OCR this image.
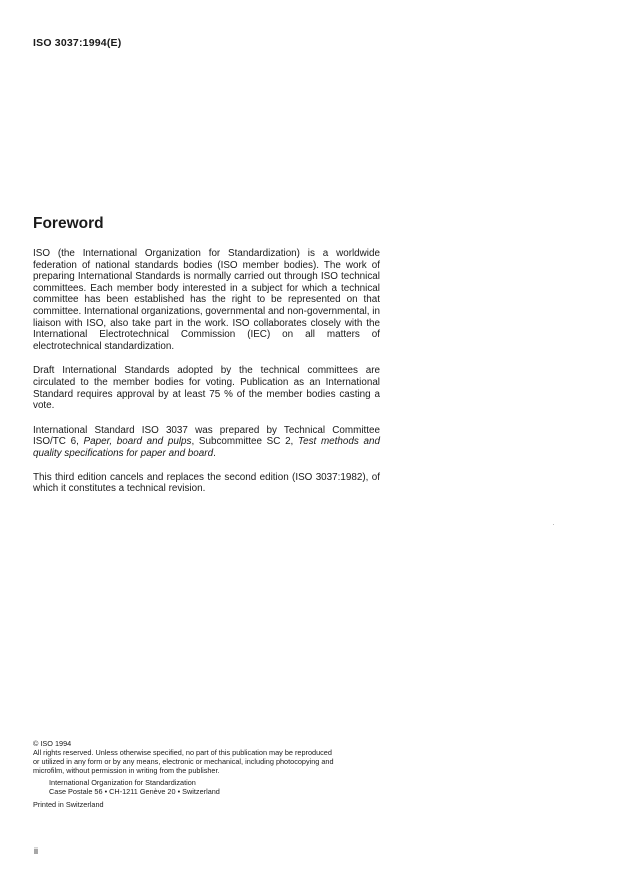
ISO 3037:1994(E)
Foreword

ISO (the International Organization for Standardization) is a worldwide federation of national standards bodies (ISO member bodies). The work of preparing International Standards is normally carried out through ISO technical committees. Each member body interested in a subject for which a technical committee has been established has the right to be represented on that committee. International organizations, governmental and non-governmental, in liaison with ISO, also take part in the work. ISO collaborates closely with the International Electrotechnical Commission (IEC) on all matters of electrotechnical standardization.

Draft International Standards adopted by the technical committees are circulated to the member bodies for voting. Publication as an International Standard requires approval by at least 75 % of the member bodies casting a vote.

International Standard ISO 3037 was prepared by Technical Committee ISO/TC 6, Paper, board and pulps, Subcommittee SC 2, Test methods and quality specifications for paper and board.

This third edition cancels and replaces the second edition (ISO 3037:1982), of which it constitutes a technical revision.

© ISO 1994
All rights reserved. Unless otherwise specified, no part of this publication may be reproduced
or utilized in any form or by any means, electronic or mechanical, including photocopying and
microfilm, without permission in writing from the publisher.
International Organization for Standardization
Case Postale 56 • CH-1211 Genève 20 • Switzerland
Printed in Switzerland
ii
